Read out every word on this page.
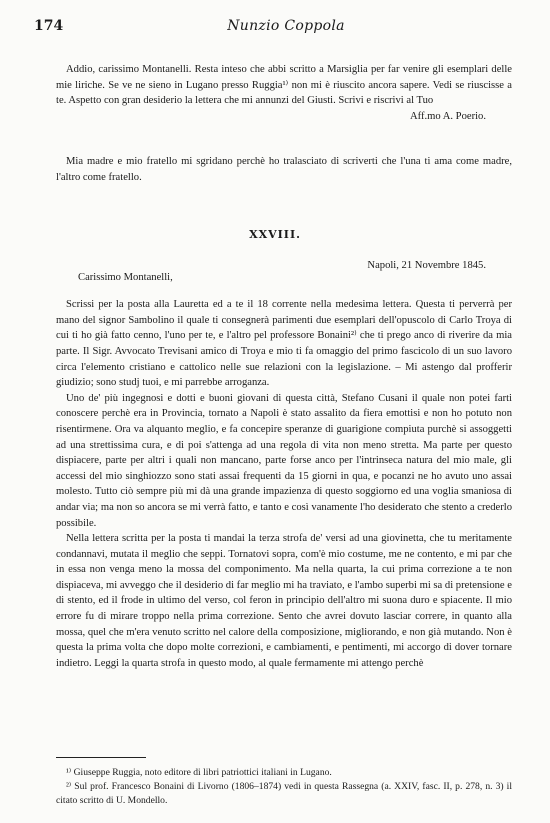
174	Nunzio Coppola

Addio, carissimo Montanelli. Resta inteso che abbi scritto a Marsiglia per far venire gli esemplari delle mie liriche. Se ve ne sieno in Lugano presso Ruggia¹⁾ non mi è riuscito ancora sapere. Vedi se riuscisse a te. Aspetto con gran desiderio la lettera che mi annunzi del Giusti. Scrivi e riscrivi al Tuo

Aff.mo A. Poerio.

Mia madre e mio fratello mi sgridano perchè ho tralasciato di scriverti che l'una ti ama come madre, l'altro come fratello.

XXVIII.

Napoli, 21 Novembre 1845.

Carissimo Montanelli,

Scrissi per la posta alla Lauretta ed a te il 18 corrente nella medesima lettera. Questa ti perverrà per mano del signor Sambolino il quale ti consegnerà parimenti due esemplari dell'opuscolo di Carlo Troya di cui ti ho già fatto cenno, l'uno per te, e l'altro pel professore Bonaini²⁾ che ti prego anco di riverire da mia parte. Il Sigr. Avvocato Trevisani amico di Troya e mio ti fa omaggio del primo fascicolo di un suo lavoro circa l'elemento cristiano e cattolico nelle sue relazioni con la legislazione. – Mi astengo dal profferir giudizio; sono studj tuoi, e mi parrebbe arroganza.

Uno de' più ingegnosi e dotti e buoni giovani di questa città, Stefano Cusani il quale non potei farti conoscere perchè era in Provincia, tornato a Napoli è stato assalito da fiera emottisi e non ho potuto non risentirmene. Ora va alquanto meglio, e fa concepire speranze di guarigione compiuta purchè si assoggetti ad una strettissima cura, e di poi s'attenga ad una regola di vita non meno stretta. Ma parte per questo dispiacere, parte per altri i quali non mancano, parte forse anco per l'intrinseca natura del mio male, gli accessi del mio singhiozzo sono stati assai frequenti da 15 giorni in qua, e pocanzi ne ho avuto uno assai molesto. Tutto ciò sempre più mi dà una grande impazienza di questo soggiorno ed una voglia smaniosa di andar via; ma non so ancora se mi verrà fatto, e tanto e così vanamente l'ho desiderato che stento a crederlo possibile.

Nella lettera scritta per la posta ti mandai la terza strofa de' versi ad una giovinetta, che tu meritamente condannavi, mutata il meglio che seppi. Tornatovi sopra, com'è mio costume, me ne contento, e mi par che in essa non venga meno la mossa del componimento. Ma nella quarta, la cui prima correzione a te non dispiaceva, mi avveggo che il desiderio di far meglio mi ha traviato, e l'ambo superbi mi sa di pretensione e di stento, ed il frode in ultimo del verso, col feron in principio dell'altro mi suona duro e spiacente. Il mio errore fu di mirare troppo nella prima correzione. Sento che avrei dovuto lasciar correre, in quanto alla mossa, quel che m'era venuto scritto nel calore della composizione, migliorando, e non già mutando. Non è questa la prima volta che dopo molte correzioni, e cambiamenti, e pentimenti, mi accorgo di dover tornare indietro. Leggi la quarta strofa in questo modo, al quale fermamente mi attengo perchè

¹⁾ Giuseppe Ruggia, noto editore di libri patriottici italiani in Lugano.

²⁾ Sul prof. Francesco Bonaini di Livorno (1806–1874) vedi in questa Rassegna (a. XXIV, fasc. II, p. 278, n. 3) il citato scritto di U. Mondello.
